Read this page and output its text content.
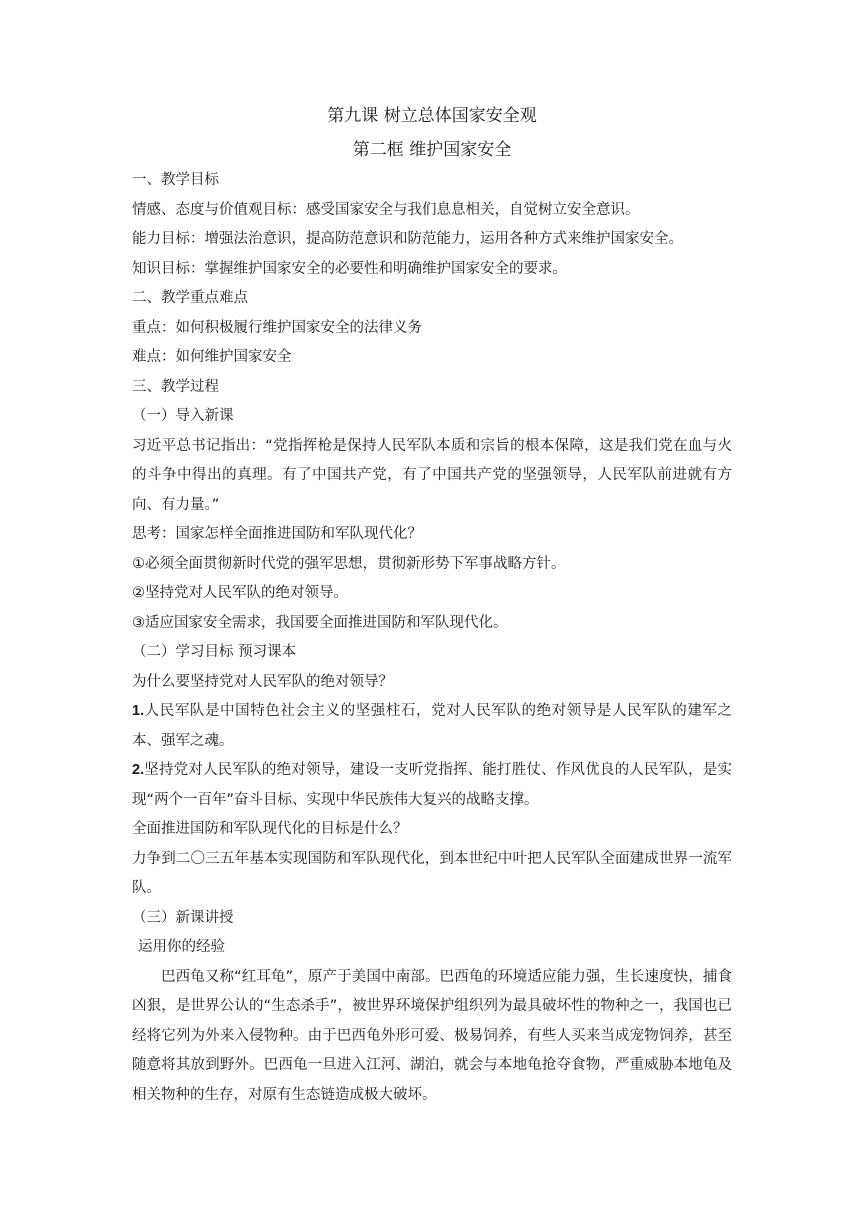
第九课 树立总体国家安全观
第二框 维护国家安全

一、教学目标

情感、态度与价值观目标：感受国家安全与我们息息相关，自觉树立安全意识。

能力目标：增强法治意识，提高防范意识和防范能力，运用各种方式来维护国家安全。

知识目标：掌握维护国家安全的必要性和明确维护国家安全的要求。

二、教学重点难点

重点：如何积极履行维护国家安全的法律义务

难点：如何维护国家安全

三、教学过程

（一）导入新课

习近平总书记指出：“党指挥枪是保持人民军队本质和宗旨的根本保障，这是我们党在血与火的斗争中得出的真理。有了中国共产党，有了中国共产党的坚强领导，人民军队前进就有方向、有力量。”

思考：国家怎样全面推进国防和军队现代化？

①必须全面贯彻新时代党的强军思想，贯彻新形势下军事战略方针。

②坚持党对人民军队的绝对领导。

③适应国家安全需求，我国要全面推进国防和军队现代化。

（二）学习目标 预习课本

为什么要坚持党对人民军队的绝对领导？

1.人民军队是中国特色社会主义的坚强柱石，党对人民军队的绝对领导是人民军队的建军之本、强军之魂。

2.坚持党对人民军队的绝对领导，建设一支听党指挥、能打胜仗、作风优良的人民军队，是实现“两个一百年”奋斗目标、实现中华民族伟大复兴的战略支撑。

全面推进国防和军队现代化的目标是什么？

力争到二〇三五年基本实现国防和军队现代化，到本世纪中叶把人民军队全面建成世界一流军队。

（三）新课讲授

运用你的经验

巴西龟又称“红耳龟”，原产于美国中南部。巴西龟的环境适应能力强，生长速度快，捕食凶狠，是世界公认的“生态杀手”，被世界环境保护组织列为最具破坏性的物种之一，我国也已经将它列为外来入侵物种。由于巴西龟外形可爱、极易饲养，有些人买来当成宠物饲养，甚至随意将其放到野外。巴西龟一旦进入江河、湖泊，就会与本地龟抢夺食物，严重威胁本地龟及相关物种的生存，对原有生态链造成极大破坏。
